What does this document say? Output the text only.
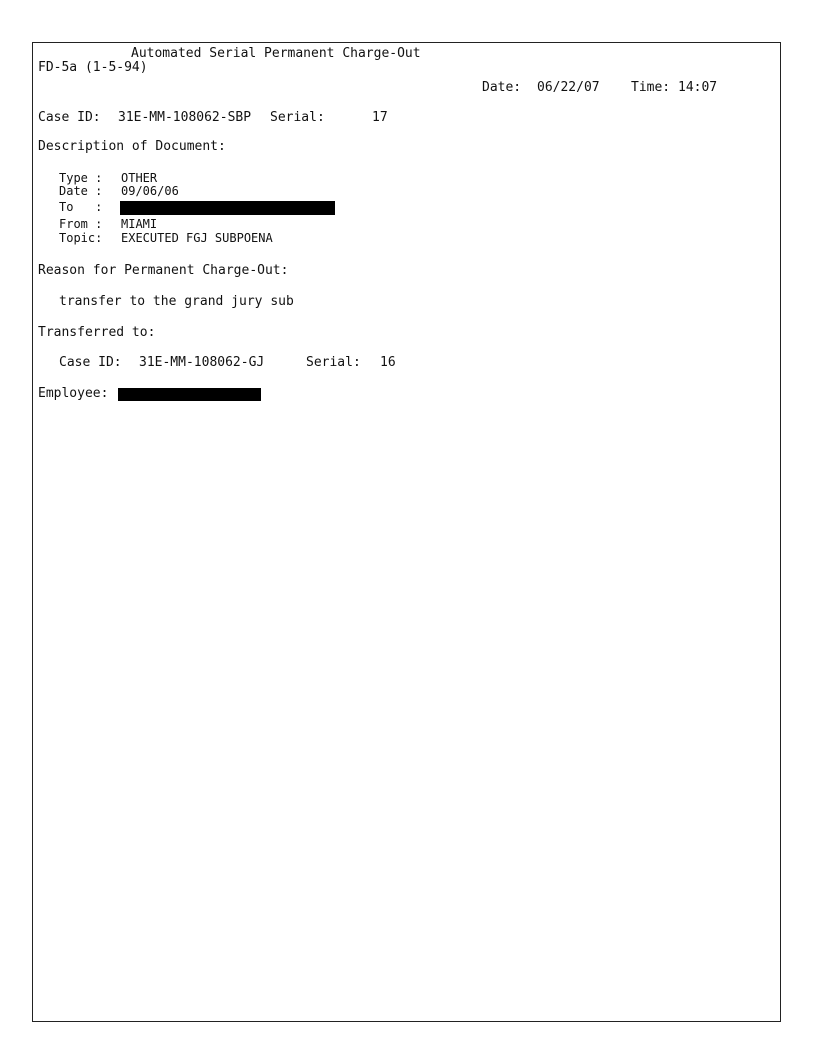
Automated Serial Permanent Charge-Out
FD-5a (1-5-94)
Date: 06/22/07 Time: 14:07
Case ID: 31E-MM-108062-SBP Serial:	17
Description of Document:
Type : OTHER
Date : 09/06/06
To   :
From : MIAMI
Topic: EXECUTED FGJ SUBPOENA
Reason for Permanent Charge-Out:
transfer to the grand jury sub
Transferred to:
Case ID: 31E-MM-108062-GJ	Serial: 16
Employee:
